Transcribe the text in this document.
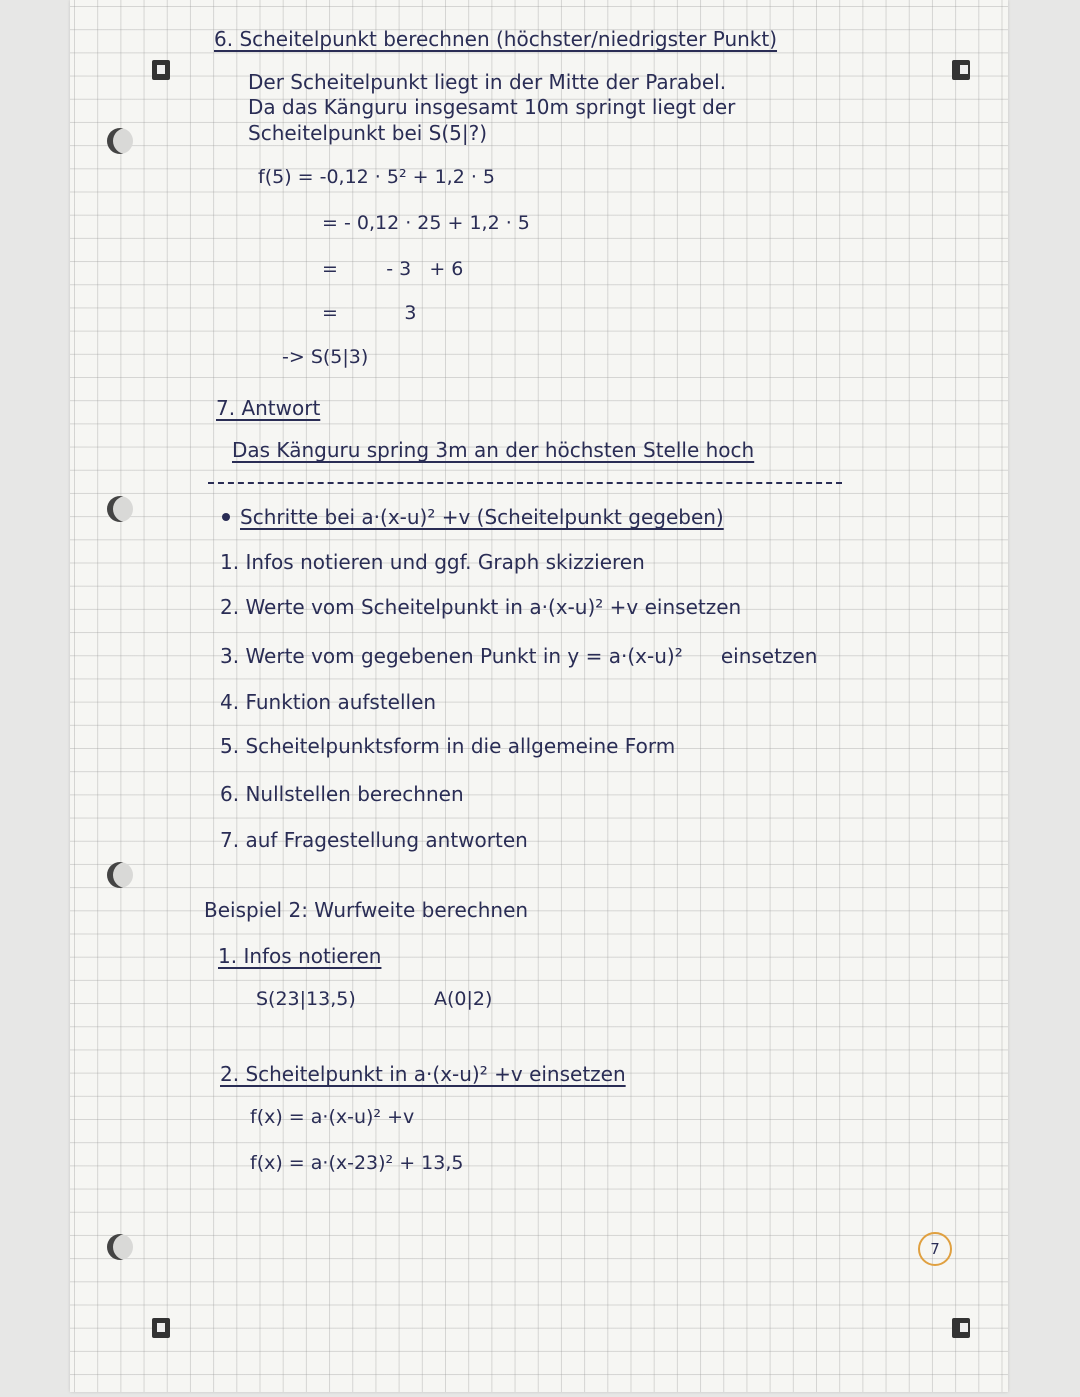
6. Scheitelpunkt berechnen (höchster/niedrigster Punkt)
Der Scheitelpunkt liegt in der Mitte der Parabel.
Da das Känguru insgesamt 10m springt liegt der
Scheitelpunkt bei S(5|?)
f(5) = -0,12 · 5² + 1,2 · 5
= - 0,12 · 25 + 1,2 · 5
=        - 3   + 6
=           3
-> S(5|3)
7. Antwort
Das Känguru spring 3m an der höchsten Stelle hoch
Schritte bei a·(x-u)² +v (Scheitelpunkt gegeben)
1. Infos notieren und ggf. Graph skizzieren
2. Werte vom Scheitelpunkt in a·(x-u)² +v einsetzen
3. Werte vom gegebenen Punkt in y = a·(x-u)²      einsetzen
4. Funktion aufstellen
5. Scheitelpunktsform in die allgemeine Form
6. Nullstellen berechnen
7. auf Fragestellung antworten
Beispiel 2: Wurfweite berechnen
1. Infos notieren
S(23|13,5)	A(0|2)
2. Scheitelpunkt in a·(x-u)² +v einsetzen
f(x) = a·(x-u)² +v
f(x) = a·(x-23)² + 13,5
7
